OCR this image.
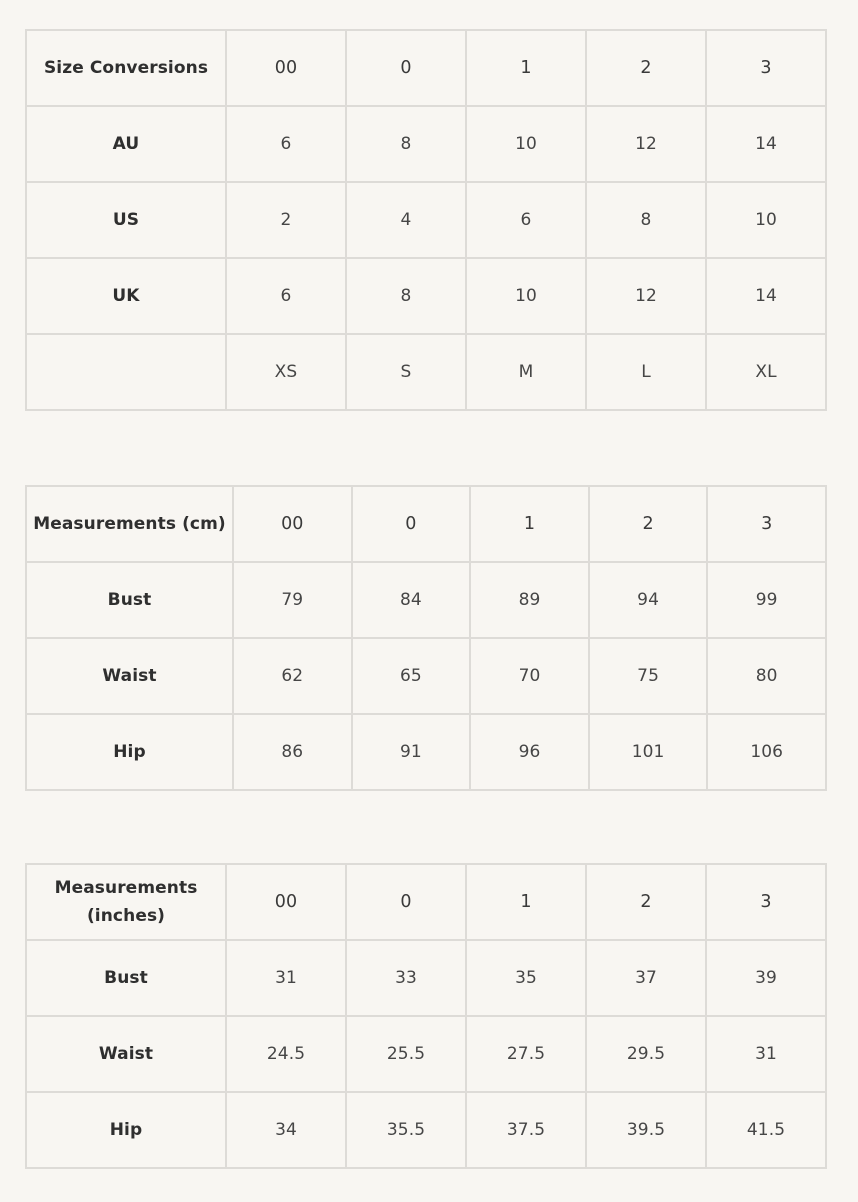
Size Conversions	00	0	1	2	3
AU	6	8	10	12	14
US	2	4	6	8	10
UK	6	8	10	12	14
	XS	S	M	L	XL
Measurements (cm)	00	0	1	2	3
Bust	79	84	89	94	99
Waist	62	65	70	75	80
Hip	86	91	96	101	106
Measurements (inches)	00	0	1	2	3
Bust	31	33	35	37	39
Waist	24.5	25.5	27.5	29.5	31
Hip	34	35.5	37.5	39.5	41.5
